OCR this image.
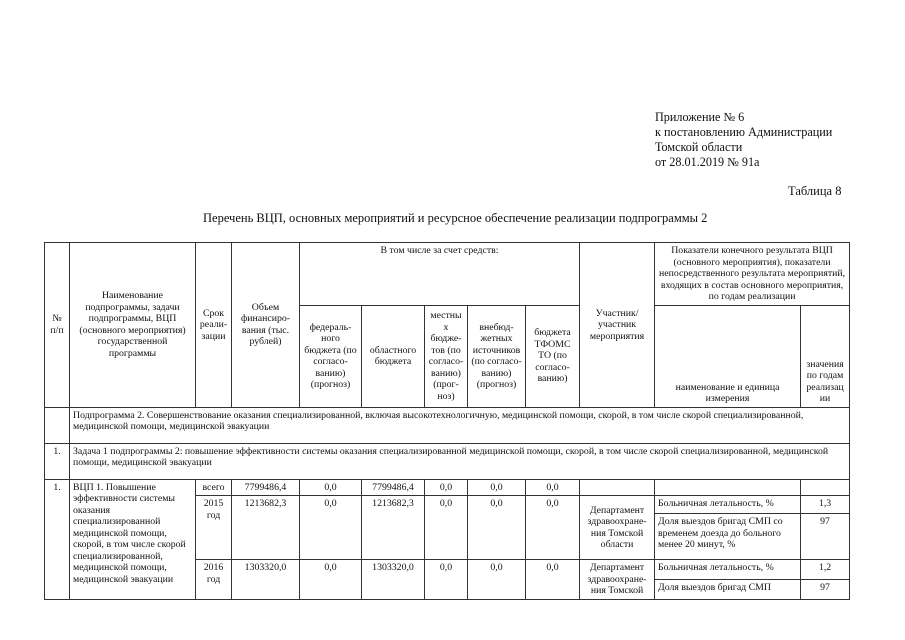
Приложение № 6
к постановлению Администрации
Томской области
от 28.01.2019 № 91а
Таблица 8
Перечень ВЦП, основных мероприятий и ресурсное обеспечение реализации подпрограммы 2
№ п/п	Наименование подпрограммы, задачи подпрограммы, ВЦП (основного мероприятия) государственной программы	Срок реали-зации	Объем финансиро-вания (тыс. рублей)	В том числе за счет средств:					Участник/ участник мероприятия	Показатели конечного результата ВЦП (основного мероприятия), показатели непосредственного результата мероприятий, входящих в состав основного мероприятия, по годам реализации	
				федераль-ного бюджета (по согласо-ванию) (прогноз)	областного бюджета	местных бюдже-тов (по согласо-ванию) (прог-ноз)	внебюд-жетных источников (по согласо-ванию) (прогноз)	бюджета ТФОМС ТО (по согласо-ванию)		наименование и единица измерения	значения по годам реализации
	Подпрограмма 2. Совершенствование оказания специализированной, включая высокотехнологичную, медицинской помощи, скорой, в том числе скорой специализированной, медицинской помощи, медицинской эвакуации										
1.	Задача 1 подпрограммы 2: повышение эффективности системы оказания специализированной медицинской помощи, скорой, в том числе скорой специализированной, медицинской помощи, медицинской эвакуации										
1.	ВЦП 1. Повышение эффективности системы оказания специализированной медицинской помощи, скорой, в том числе скорой специализированной, медицинской помощи, медицинской эвакуации	всего	7799486,4	0,0	7799486,4	0,0	0,0	0,0			
		2015 год	1213682,3	0,0	1213682,3	0,0	0,0	0,0	Департамент здравоохране-ния Томской области	Больничная летальность, %	1,3
										Доля выездов бригад СМП со временем доезда до больного менее 20 минут, %	97
		2016 год	1303320,0	0,0	1303320,0	0,0	0,0	0,0	Департамент здравоохране-ния Томской	Больничная летальность, %	1,2
										Доля выездов бригад СМП	97
